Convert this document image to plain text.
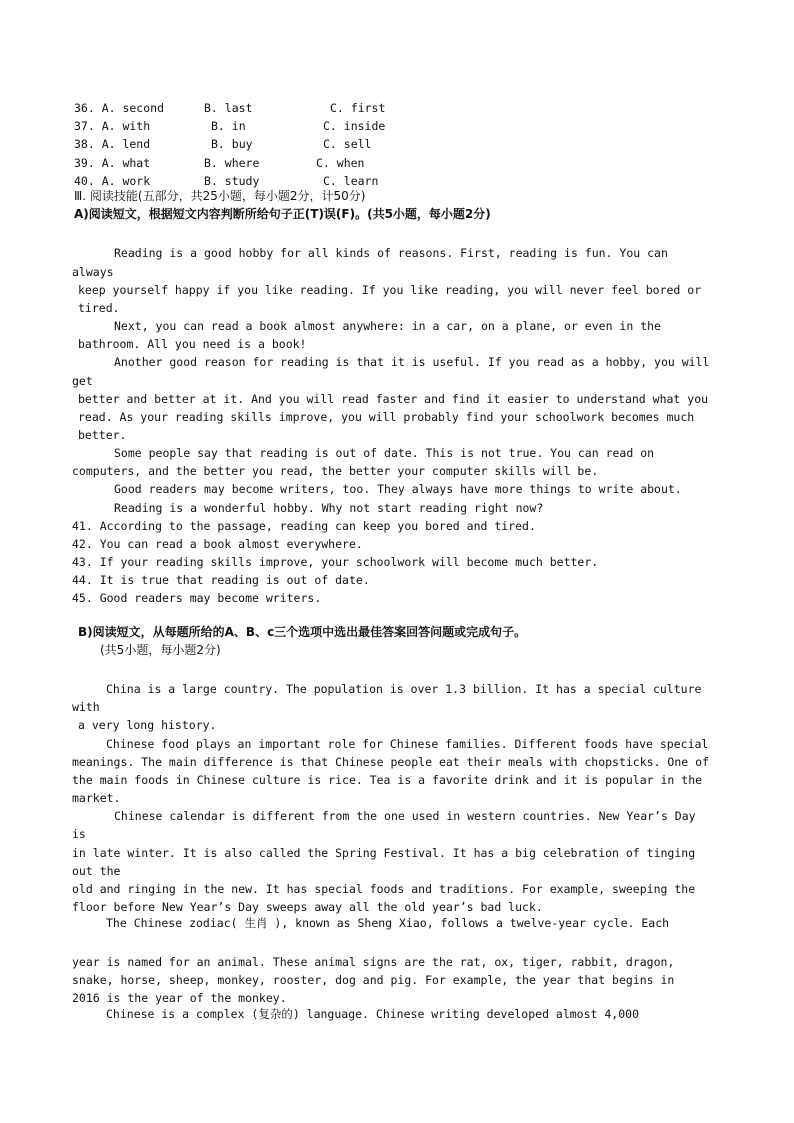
36. A. second	B. last	C. first
37. A. with	B. in	C. inside
38. A. lend	B. buy	C. sell
39. A. what	B. where	C. when
40. A. work	B. study	C. learn
Ⅲ. 阅读技能(五部分，共25小题，每小题2分，计50分)
A)阅读短文，根据短文内容判断所给句子正(T)误(F)。(共5小题，每小题2分)
Reading is a good hobby for all kinds of reasons. First, reading is fun. You can
always
keep yourself happy if you like reading. If you like reading, you will never feel bored or
tired.
Next, you can read a book almost anywhere: in a car, on a plane, or even in the
bathroom. All you need is a book!
Another good reason for reading is that it is useful. If you read as a hobby, you will
get
better and better at it. And you will read faster and find it easier to understand what you
read. As your reading skills improve, you will probably find your schoolwork becomes much
better.
Some people say that reading is out of date. This is not true. You can read on
computers, and the better you read, the better your computer skills will be.
Good readers may become writers, too. They always have more things to write about.
Reading is a wonderful hobby. Why not start reading right now?
41. According to the passage, reading can keep you bored and tired.
42. You can read a book almost everywhere.
43. If your reading skills improve, your schoolwork will become much better.
44. It is true that reading is out of date.
45. Good readers may become writers.
B)阅读短文，从每题所给的A、B、c三个选项中选出最佳答案回答问题或完成句子。
(共5小题，每小题2分)
China is a large country. The population is over 1.3 billion. It has a special culture
with
a very long history.
Chinese food plays an important role for Chinese families. Different foods have special
meanings. The main difference is that Chinese people eat their meals with chopsticks. One of
the main foods in Chinese culture is rice. Tea is a favorite drink and it is popular in the
market.
Chinese calendar is different from the one used in western countries. New Year’s Day
is
in late winter. It is also called the Spring Festival. It has a big celebration of tinging
out the
old and ringing in the new. It has special foods and traditions. For example, sweeping the
floor before New Year’s Day sweeps away all the old year’s bad luck.
The Chinese zodiac( 生肖 ), known as Sheng Xiao, follows a twelve-year cycle. Each
year is named for an animal. These animal signs are the rat, ox, tiger, rabbit, dragon,
snake, horse, sheep, monkey, rooster, dog and pig. For example, the year that begins in
2016 is the year of the monkey.
Chinese is a complex (复杂的) language. Chinese writing developed almost 4,000
